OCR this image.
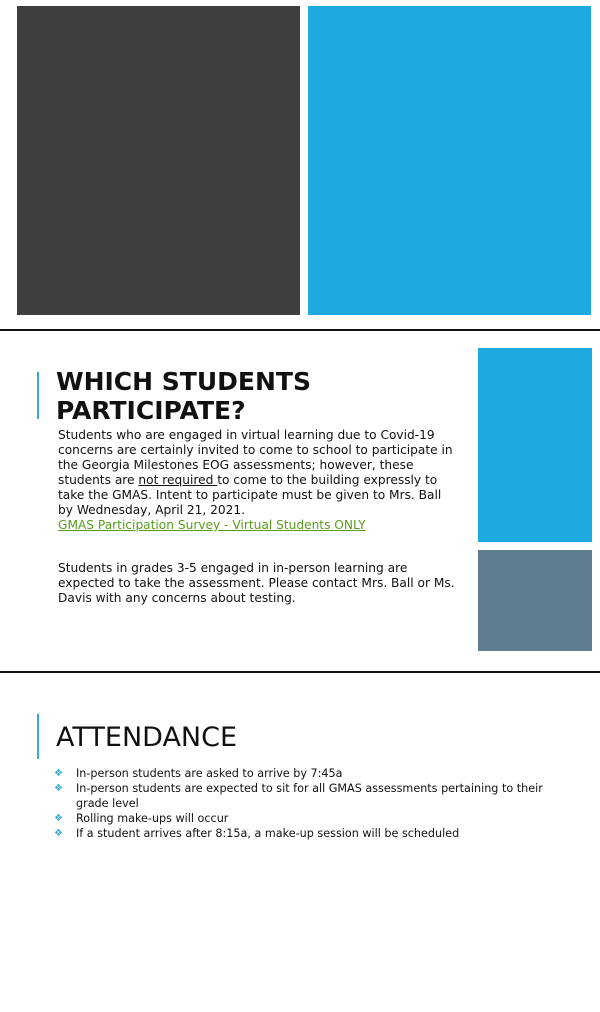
WHICH STUDENTS
PARTICIPATE?

Students who are engaged in virtual learning due to Covid-19 concerns are certainly invited to come to school to participate in the Georgia Milestones EOG assessments; however, these students are not required to come to the building expressly to take the GMAS. Intent to participate must be given to Mrs. Ball by Wednesday, April 21, 2021.

GMAS Participation Survey - Virtual Students ONLY

Students in grades 3-5 engaged in in-person learning are expected to take the assessment. Please contact Mrs. Ball or Ms. Davis with any concerns about testing.

ATTENDANCE
❖ In-person students are asked to arrive by 7:45a
❖ In-person students are expected to sit for all GMAS assessments pertaining to their grade level
❖ Rolling make-ups will occur
❖ If a student arrives after 8:15a, a make-up session will be scheduled
